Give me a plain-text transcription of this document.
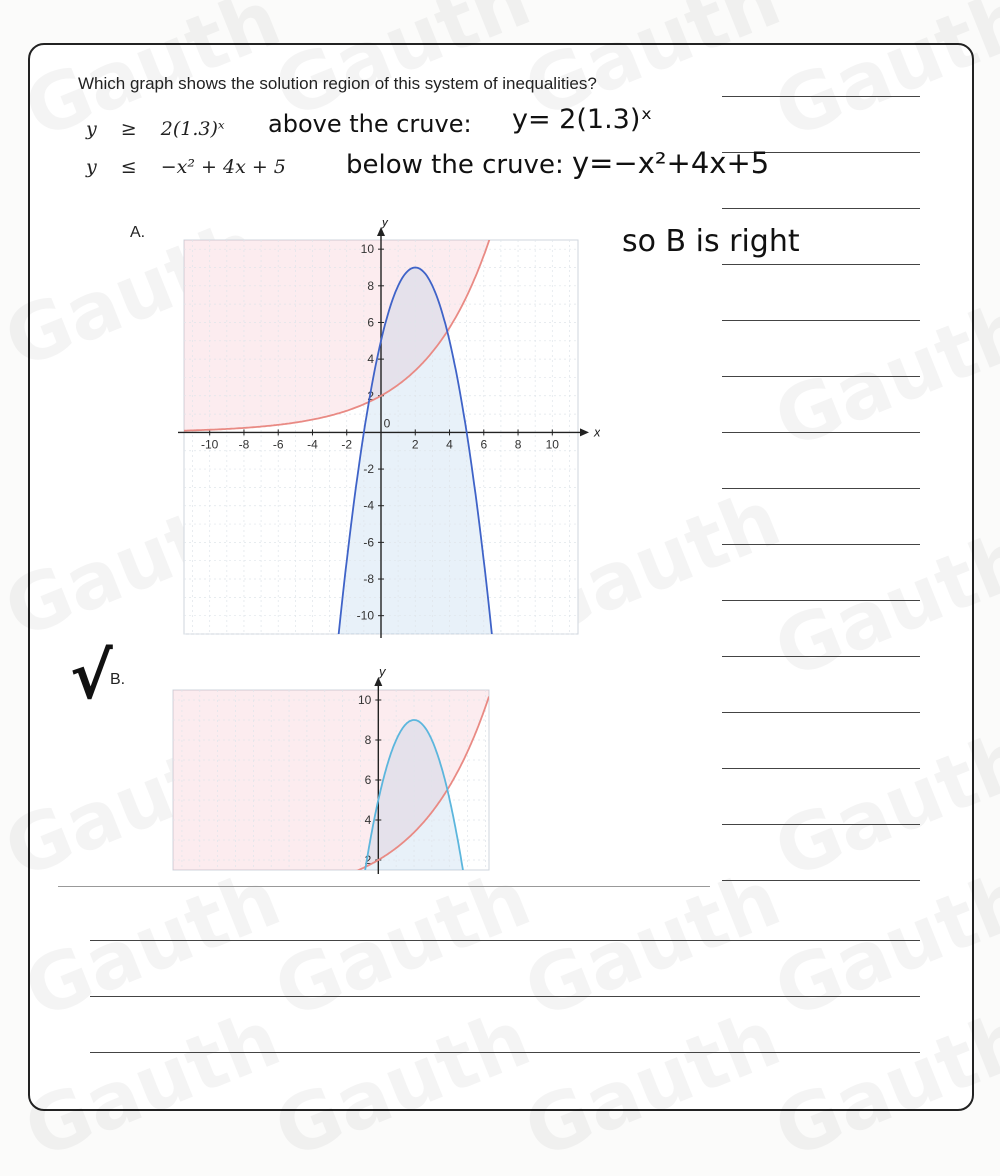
Which graph shows the solution region of this system of inequalities?
y ≥ 2(1.3)ˣ
y ≤ −x² + 4x + 5
above the cruve: y= 2(1.3)ˣ
below the cruve: y=−x²+4x+5
so B is right
√
A.
B.
-10 -8 -6 -4 -2
0
2 4 6 8 10
x
10
8
6
4
2
-2
-4
-6
-8
-10
y
10
8
6
4
2
y
